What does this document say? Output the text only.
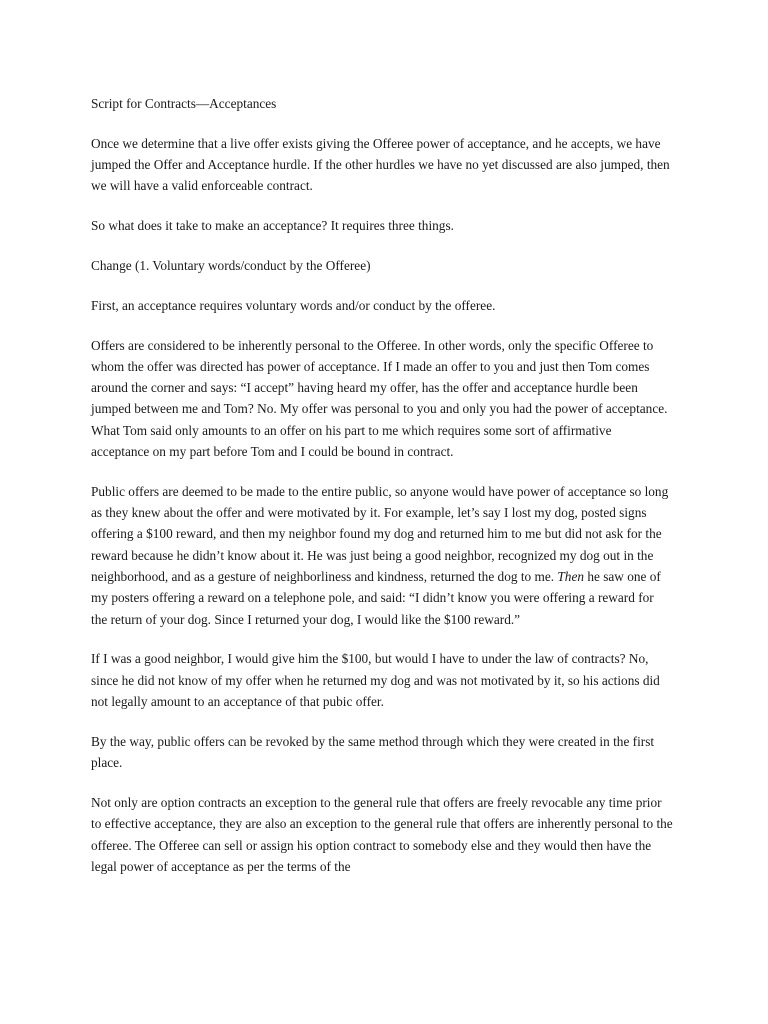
Script for Contracts—Acceptances

Once we determine that a live offer exists giving the Offeree power of acceptance, and he accepts, we have jumped the Offer and Acceptance hurdle. If the other hurdles we have no yet discussed are also jumped, then we will have a valid enforceable contract.

So what does it take to make an acceptance? It requires three things.

Change (1. Voluntary words/conduct by the Offeree)

First, an acceptance requires voluntary words and/or conduct by the offeree.

Offers are considered to be inherently personal to the Offeree. In other words, only the specific Offeree to whom the offer was directed has power of acceptance. If I made an offer to you and just then Tom comes around the corner and says: “I accept” having heard my offer, has the offer and acceptance hurdle been jumped between me and Tom? No. My offer was personal to you and only you had the power of acceptance. What Tom said only amounts to an offer on his part to me which requires some sort of affirmative acceptance on my part before Tom and I could be bound in contract.

Public offers are deemed to be made to the entire public, so anyone would have power of acceptance so long as they knew about the offer and were motivated by it. For example, let’s say I lost my dog, posted signs offering a $100 reward, and then my neighbor found my dog and returned him to me but did not ask for the reward because he didn’t know about it. He was just being a good neighbor, recognized my dog out in the neighborhood, and as a gesture of neighborliness and kindness, returned the dog to me. Then he saw one of my posters offering a reward on a telephone pole, and said: “I didn’t know you were offering a reward for the return of your dog. Since I returned your dog, I would like the $100 reward.”

If I was a good neighbor, I would give him the $100, but would I have to under the law of contracts? No, since he did not know of my offer when he returned my dog and was not motivated by it, so his actions did not legally amount to an acceptance of that pubic offer.

By the way, public offers can be revoked by the same method through which they were created in the first place.

Not only are option contracts an exception to the general rule that offers are freely revocable any time prior to effective acceptance, they are also an exception to the general rule that offers are inherently personal to the offeree. The Offeree can sell or assign his option contract to somebody else and they would then have the legal power of acceptance as per the terms of the
